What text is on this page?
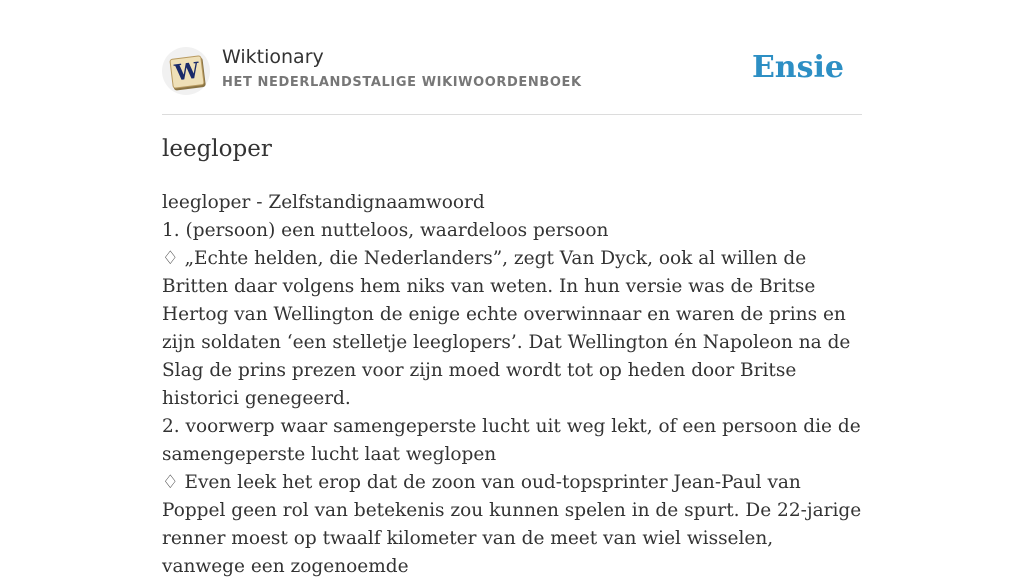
W
Wiktionary
HET NEDERLANDSTALIGE WIKIWOORDENBOEK	Ensie
leegloper

leegloper - Zelfstandignaamwoord

1. (persoon) een nutteloos, waardeloos persoon

♢ „Echte helden, die Nederlanders”, zegt Van Dyck, ook al willen de Britten daar volgens hem niks van weten. In hun versie was de Britse Hertog van Wellington de enige echte overwinnaar en waren de prins en zijn soldaten ‘een stelletje leeglopers’. Dat Wellington én Napoleon na de Slag de prins prezen voor zijn moed wordt tot op heden door Britse historici genegeerd.

2. voorwerp waar samengeperste lucht uit weg lekt, of een persoon die de samengeperste lucht laat weglopen

♢ Even leek het erop dat de zoon van oud-topsprinter Jean-Paul van Poppel geen rol van betekenis zou kunnen spelen in de spurt. De 22-jarige renner moest op twaalf kilometer van de meet van wiel wisselen, vanwege een zogenoemde
